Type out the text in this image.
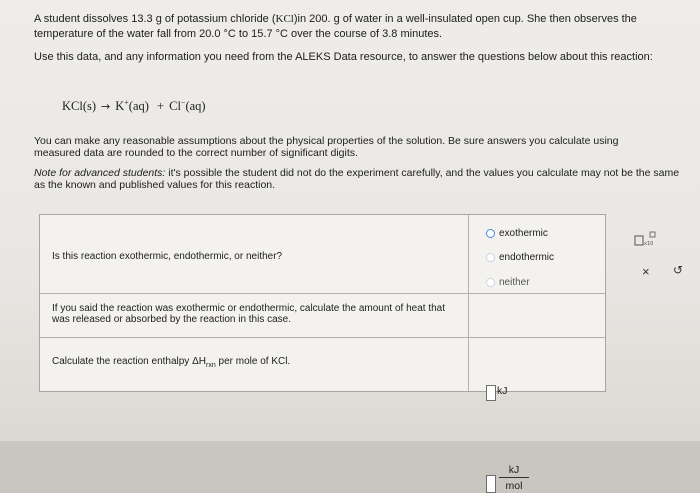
A student dissolves 13.3 g of potassium chloride (KCl)in 200. g of water in a well-insulated open cup. She then observes the temperature of the water fall from 20.0 °C to 15.7 °C over the course of 3.8 minutes.

Use this data, and any information you need from the ALEKS Data resource, to answer the questions below about this reaction:

KCl(s) → K+(aq) + Cl−(aq)
You can make any reasonable assumptions about the physical properties of the solution. Be sure answers you calculate using measured data are rounded to the correct number of significant digits.
Note for advanced students: it's possible the student did not do the experiment carefully, and the values you calculate may not be the same as the known and published values for this reaction.
Is this reaction exothermic, endothermic, or neither?
exothermic
endothermic
neither
If you said the reaction was exothermic or endothermic, calculate the amount of heat that was released or absorbed by the reaction in this case.
kJ
Calculate the reaction enthalpy $\Delta H_{rxn}$ per mole of KCl.
kJ
mol
x10
× ↺
